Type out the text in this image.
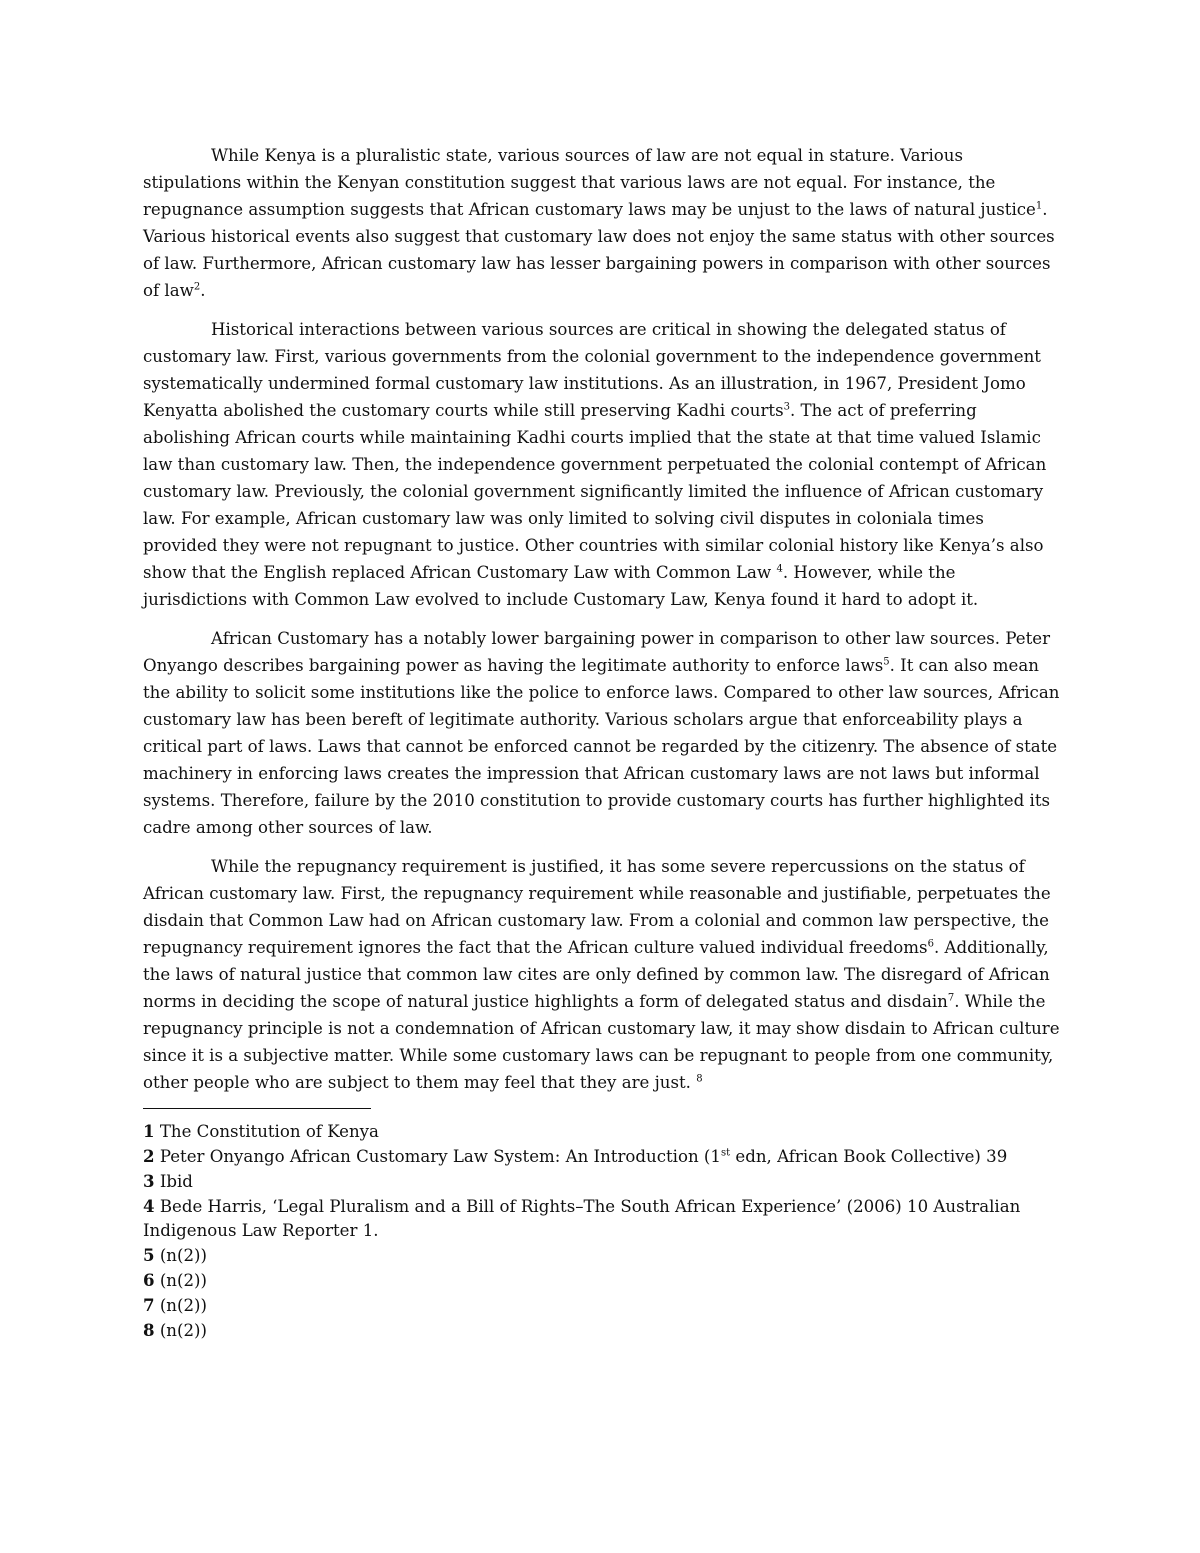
While Kenya is a pluralistic state, various sources of law are not equal in stature. Various stipulations within the Kenyan constitution suggest that various laws are not equal. For instance, the repugnance assumption suggests that African customary laws may be unjust to the laws of natural justice$^1$. Various historical events also suggest that customary law does not enjoy the same status with other sources of law. Furthermore, African customary law has lesser bargaining powers in comparison with other sources of law$^2$.

Historical interactions between various sources are critical in showing the delegated status of customary law. First, various governments from the colonial government to the independence government systematically undermined formal customary law institutions. As an illustration, in 1967, President Jomo Kenyatta abolished the customary courts while still preserving Kadhi courts$^3$. The act of preferring abolishing African courts while maintaining Kadhi courts implied that the state at that time valued Islamic law than customary law. Then, the independence government perpetuated the colonial contempt of African customary law. Previously, the colonial government significantly limited the influence of African customary law. For example, African customary law was only limited to solving civil disputes in coloniala times provided they were not repugnant to justice. Other countries with similar colonial history like Kenya’s also show that the English replaced African Customary Law with Common Law $^4$. However, while the jurisdictions with Common Law evolved to include Customary Law, Kenya found it hard to adopt it.

African Customary has a notably lower bargaining power in comparison to other law sources. Peter Onyango describes bargaining power as having the legitimate authority to enforce laws$^5$. It can also mean the ability to solicit some institutions like the police to enforce laws. Compared to other law sources, African customary law has been bereft of legitimate authority. Various scholars argue that enforceability plays a critical part of laws. Laws that cannot be enforced cannot be regarded by the citizenry. The absence of state machinery in enforcing laws creates the impression that African customary laws are not laws but informal systems. Therefore, failure by the 2010 constitution to provide customary courts has further highlighted its cadre among other sources of law.

While the repugnancy requirement is justified, it has some severe repercussions on the status of African customary law. First, the repugnancy requirement while reasonable and justifiable, perpetuates the disdain that Common Law had on African customary law. From a colonial and common law perspective, the repugnancy requirement ignores the fact that the African culture valued individual freedoms$^6$. Additionally, the laws of natural justice that common law cites are only defined by common law. The disregard of African norms in deciding the scope of natural justice highlights a form of delegated status and disdain$^7$. While the repugnancy principle is not a condemnation of African customary law, it may show disdain to African culture since it is a subjective matter. While some customary laws can be repugnant to people from one community, other people who are subject to them may feel that they are just. $^8$

1 The Constitution of Kenya

2 Peter Onyango African Customary Law System: An Introduction (1st edn, African Book Collective) 39

3 Ibid

4 Bede Harris, ‘Legal Pluralism and a Bill of Rights–The South African Experience’ (2006) 10 Australian Indigenous Law Reporter 1.

5 (n(2))

6 (n(2))

7 (n(2))

8 (n(2))
